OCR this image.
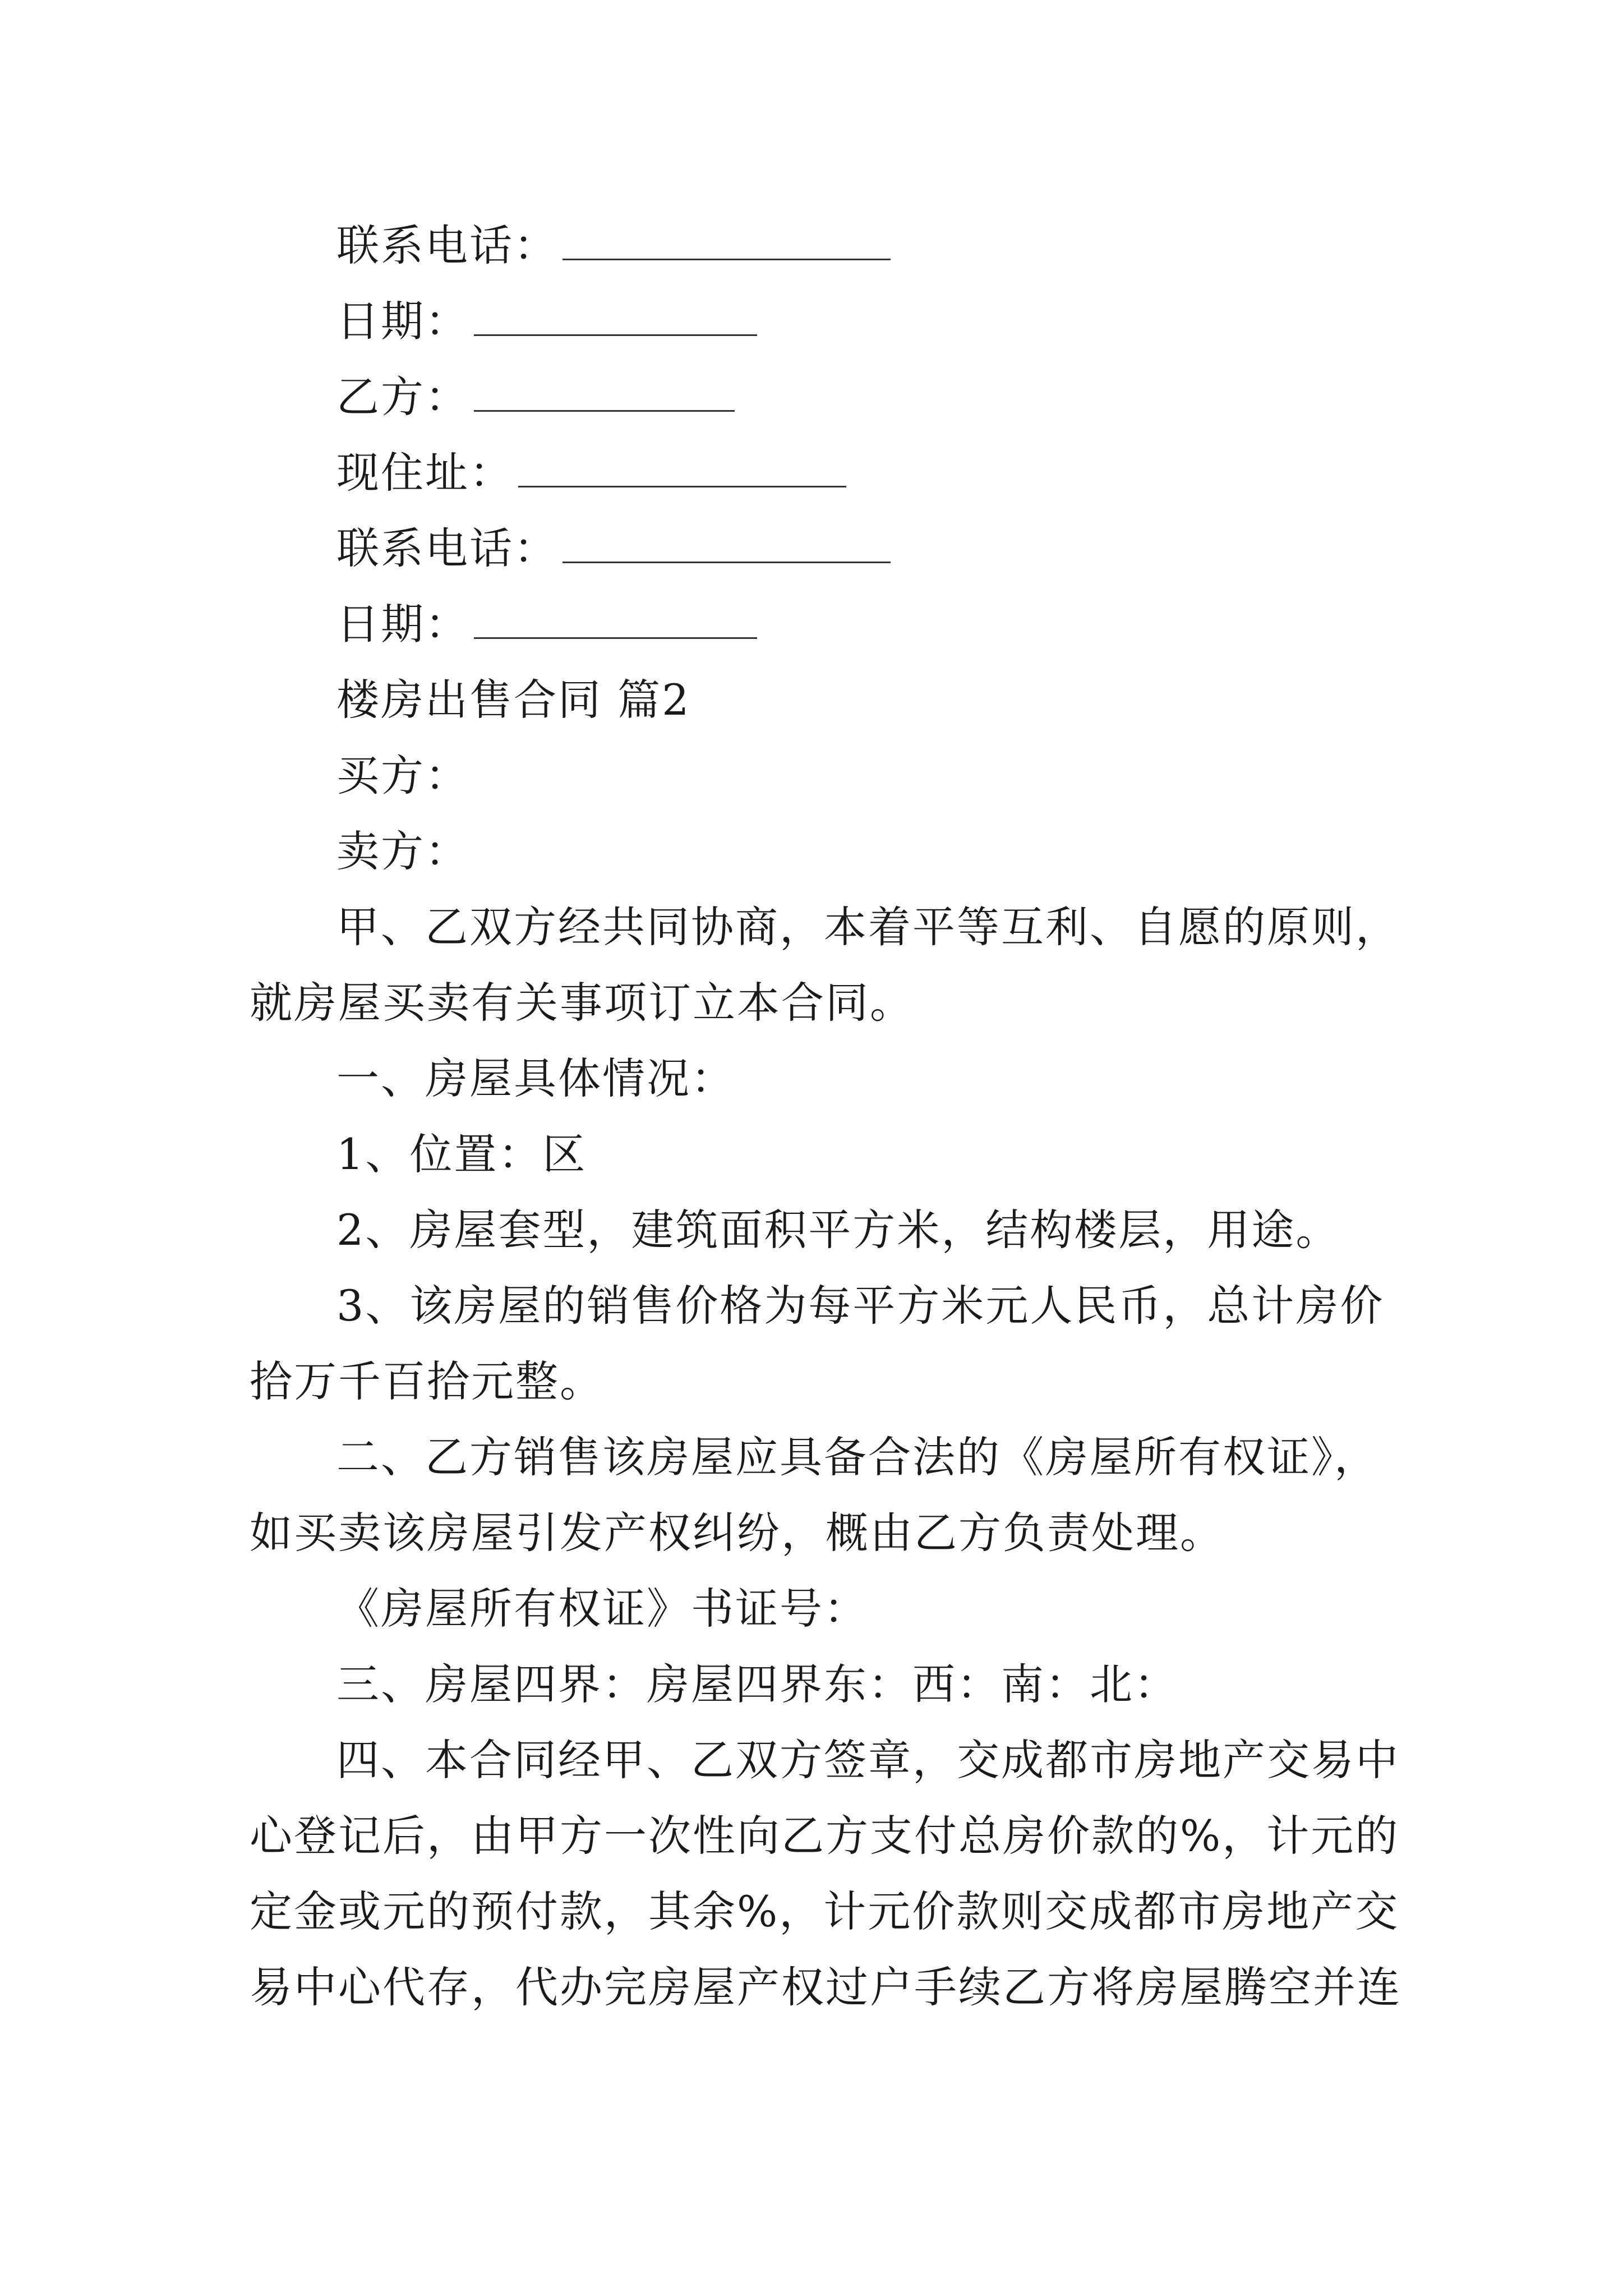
联系电话：
日期：
乙方：
现住址：
联系电话：
日期：
楼房出售合同 篇2
买方：
卖方：
甲、乙双方经共同协商，本着平等互利、自愿的原则，
就房屋买卖有关事项订立本合同。
一、房屋具体情况：
1、位置：区
2、房屋套型，建筑面积平方米，结构楼层，用途。
3、该房屋的销售价格为每平方米元人民币，总计房价
拾万千百拾元整。
二、乙方销售该房屋应具备合法的《房屋所有权证》，
如买卖该房屋引发产权纠纷，概由乙方负责处理。
《房屋所有权证》书证号：
三、房屋四界：房屋四界东：西：南：北：
四、本合同经甲、乙双方签章，交成都市房地产交易中
心登记后，由甲方一次性向乙方支付总房价款的%，计元的
定金或元的预付款，其余%，计元价款则交成都市房地产交
易中心代存，代办完房屋产权过户手续乙方将房屋腾空并连
